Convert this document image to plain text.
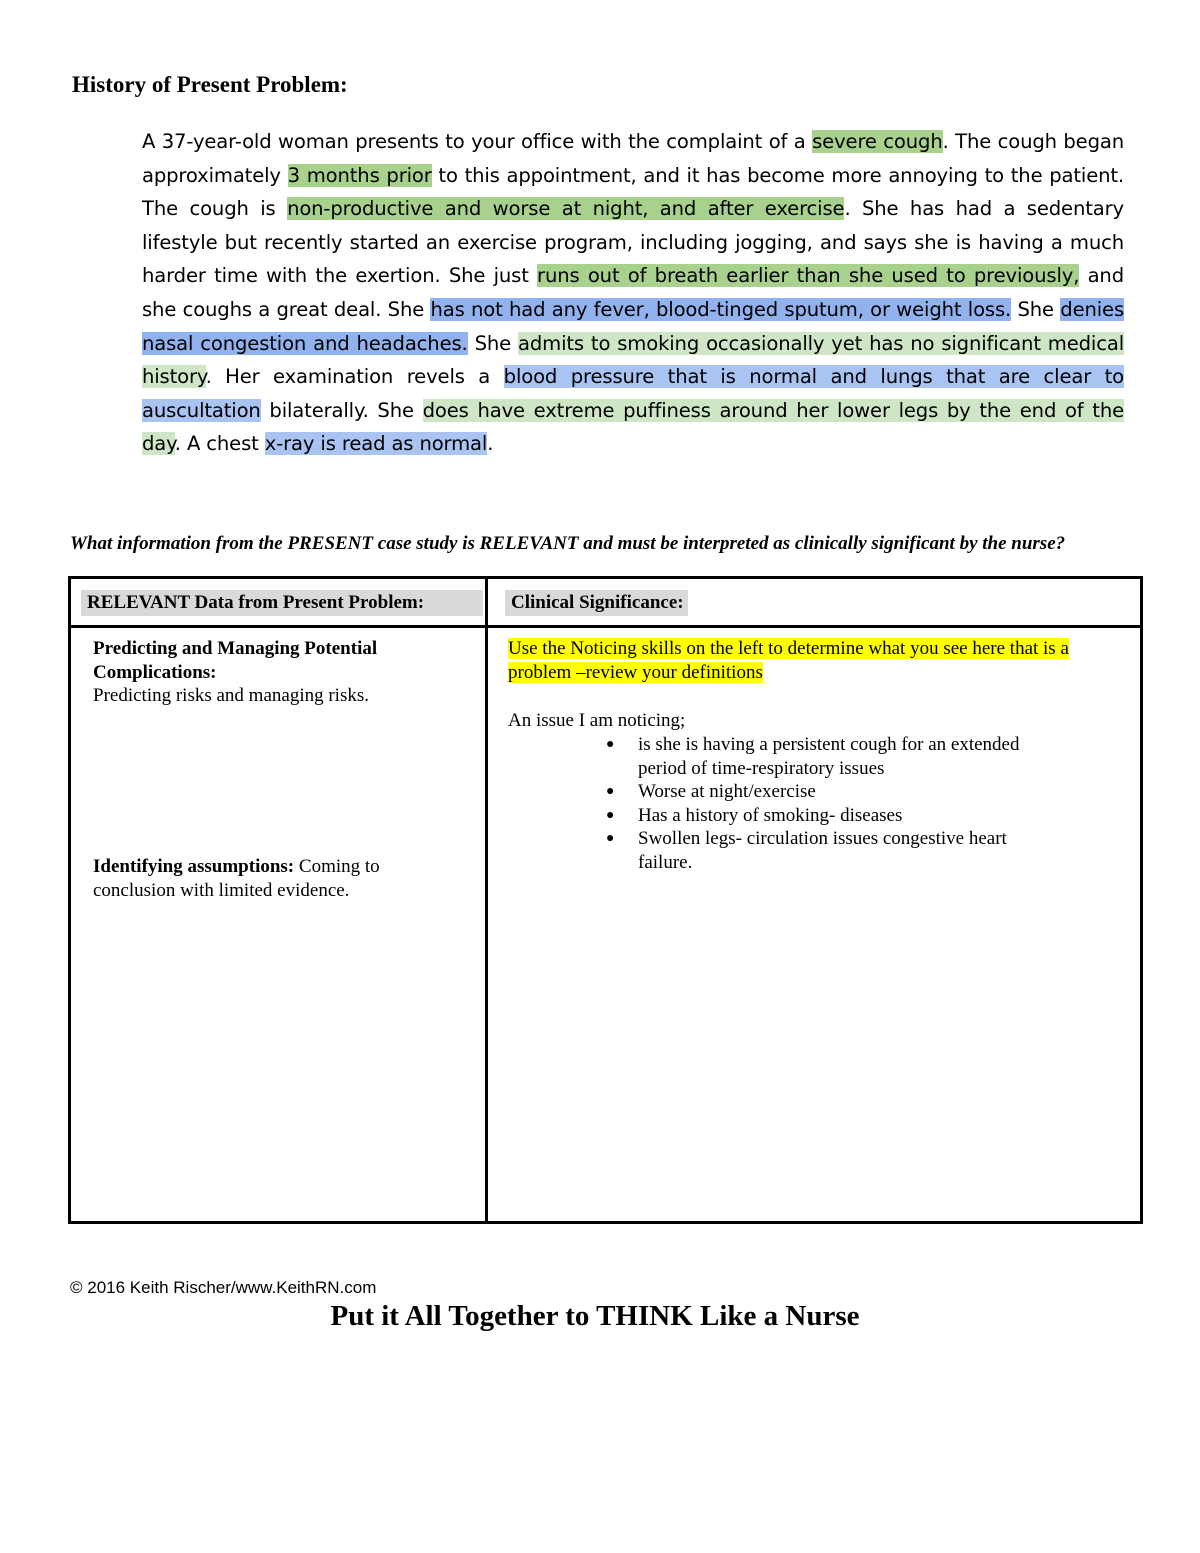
History of Present Problem:
A 37-year-old woman presents to your office with the complaint of a severe cough. The cough began approximately 3 months prior to this appointment, and it has become more annoying to the patient. The cough is non-productive and worse at night, and after exercise. She has had a sedentary lifestyle but recently started an exercise program, including jogging, and says she is having a much harder time with the exertion. She just runs out of breath earlier than she used to previously, and she coughs a great deal. She has not had any fever, blood-tinged sputum, or weight loss. She denies nasal congestion and headaches. She admits to smoking occasionally yet has no significant medical history. Her examination revels a blood pressure that is normal and lungs that are clear to auscultation bilaterally. She does have extreme puffiness around her lower legs by the end of the day. A chest x-ray is read as normal.
What information from the PRESENT case study is RELEVANT and must be interpreted as clinically significant by the nurse?
RELEVANT Data from Present Problem:	Clinical Significance:
Predicting and Managing Potential Complications:
Predicting risks and managing risks.
Identifying assumptions: Coming to conclusion with limited evidence.
Use the Noticing skills on the left to determine what you see here that is a problem –review your definitions
An issue I am noticing;
● is she is having a persistent cough for an extended period of time-respiratory issues
● Worse at night/exercise
● Has a history of smoking- diseases
● Swollen legs- circulation issues congestive heart failure.
© 2016 Keith Rischer/www.KeithRN.com
Put it All Together to THINK Like a Nurse
